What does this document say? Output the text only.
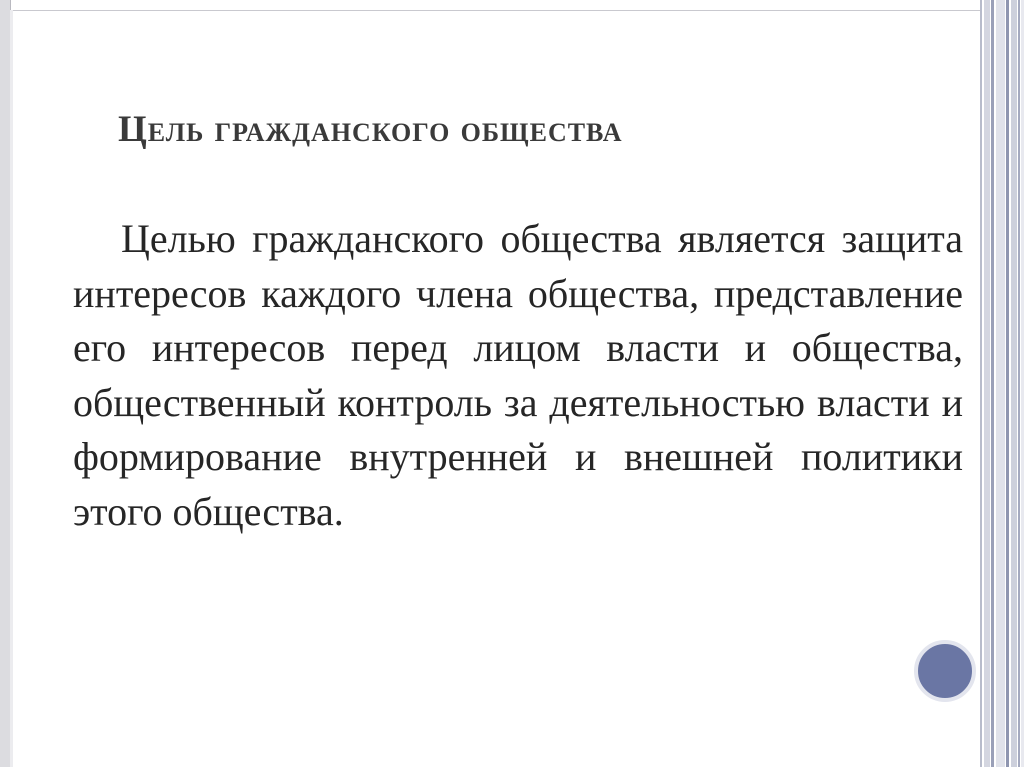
Цель гражданского общества
Целью гражданского общества является защита интересов каждого члена общества, представление его интересов перед лицом власти и общества, общественный контроль за деятельностью власти и формирование внутренней и внешней политики этого общества.
